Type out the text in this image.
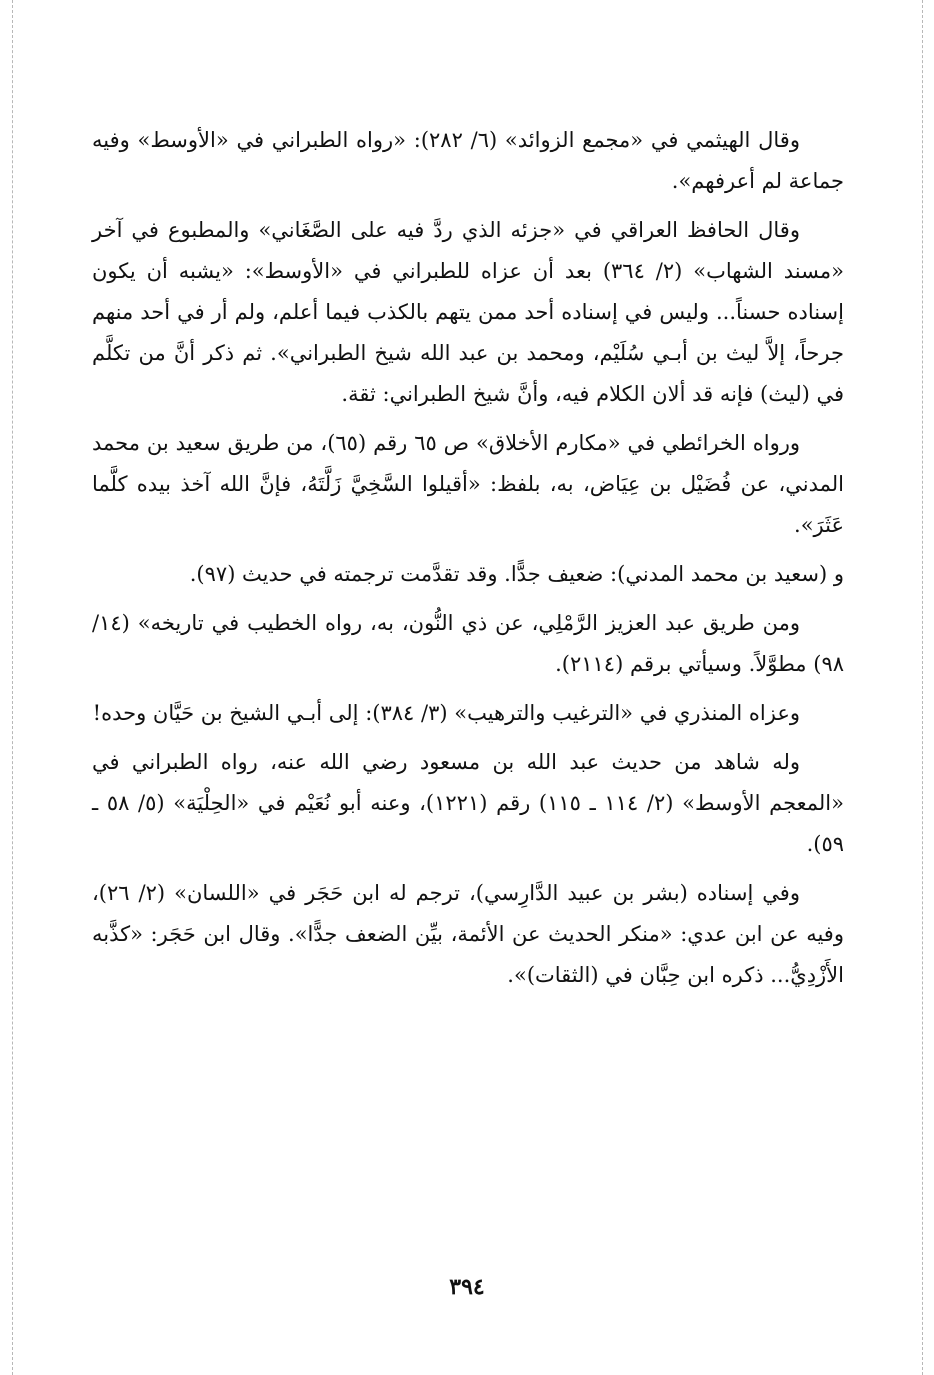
وقال الهيثمي في «مجمع الزوائد» (٦/ ٢٨٢): «رواه الطبراني في «الأوسط» وفيه جماعة لم أعرفهم».

وقال الحافظ العراقي في «جزئه الذي ردَّ فيه على الصَّغَاني» والمطبوع في آخر «مسند الشهاب» (٢/ ٣٦٤) بعد أن عزاه للطبراني في «الأوسط»: «يشبه أن يكون إسناده حسناً... وليس في إسناده أحد ممن يتهم بالكذب فيما أعلم، ولم أر في أحد منهم جرحاً، إلاَّ ليث بن أبـي سُلَيْم، ومحمد بن عبد الله شيخ الطبراني». ثم ذكر أنَّ من تكلَّم في (ليث) فإنه قد ألان الكلام فيه، وأنَّ شيخ الطبراني: ثقة.

ورواه الخرائطي في «مكارم الأخلاق» ص ٦٥ رقم (٦٥)، من طريق سعيد بن محمد المدني، عن فُضَيْل بن عِيَاض، به، بلفظ: «أقيلوا السَّخِيَّ زَلَّتَهُ، فإنَّ الله آخذ بيده كلَّما عَثَرَ».

و (سعيد بن محمد المدني): ضعيف جدًّا. وقد تقدَّمت ترجمته في حديث (٩٧).

ومن طريق عبد العزيز الرَّمْلِي، عن ذي النُّون، به، رواه الخطيب في تاريخه» (١٤/ ٩٨) مطوَّلاً. وسيأتي برقم (٢١١٤).

وعزاه المنذري في «الترغيب والترهيب» (٣/ ٣٨٤): إلى أبـي الشيخ بن حَيَّان وحده!

وله شاهد من حديث عبد الله بن مسعود رضي الله عنه، رواه الطبراني في «المعجم الأوسط» (٢/ ١١٤ ـ ١١٥) رقم (١٢٢١)، وعنه أبو نُعَيْم في «الحِلْيَة» (٥/ ٥٨ ـ ٥٩).

وفي إسناده (بشر بن عبيد الدَّارِسي)، ترجم له ابن حَجَر في «اللسان» (٢/ ٢٦)، وفيه عن ابن عدي: «منكر الحديث عن الأئمة، بيِّن الضعف جدًّا». وقال ابن حَجَر: «كذَّبه الأَزْدِيُّ... ذكره ابن حِبَّان في (الثقات)».

٣٩٤
